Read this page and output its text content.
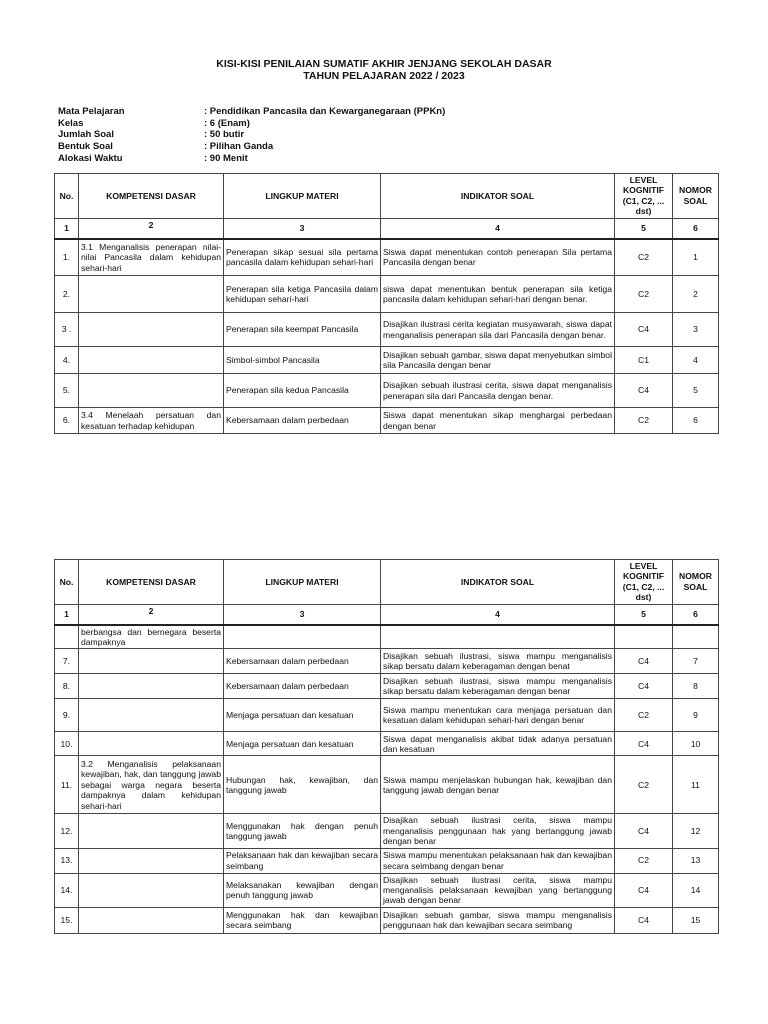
KISI-KISI PENILAIAN SUMATIF AKHIR JENJANG SEKOLAH DASAR
TAHUN PELAJARAN 2022 / 2023
Mata Pelajaran	: Pendidikan Pancasila dan Kewarganegaraan (PPKn)
Kelas	: 6 (Enam)
Jumlah Soal	: 50 butir
Bentuk Soal	: Pilihan Ganda
Alokasi Waktu	: 90 Menit
No.	KOMPETENSI DASAR	LINGKUP MATERI	INDIKATOR SOAL	LEVEL KOGNITIF (C1, C2, ... dst)	NOMOR SOAL
1	2	3	4	5	6
1.	3.1 Menganalisis penerapan nilai-nilai Pancasila dalam kehidupan sehari-hari	Penerapan sikap sesuai sila pertama pancasila dalam kehidupan sehari-hari	Siswa dapat menentukan contoh penerapan Sila pertama Pancasila dengan benar	C2	1
2.		Penerapan sila ketiga Pancasila dalam kehidupan sehari-hari	siswa dapat menentukan bentuk penerapan sila ketiga pancasila dalam kehidupan sehari-hari dengan benar.	C2	2
3 .		Penerapan sila keempat Pancasila	Disajikan ilustrasi cerita kegiatan musyawarah, siswa dapat menganalisis penerapan sila dari Pancasila dengan benar.	C4	3
4.		Simbol-simbol Pancasila	Disajikan sebuah gambar, siswa dapat menyebutkan simbol sila Pancasila dengan benar	C1	4
5.		Penerapan sila kedua Pancasila	Disajikan sebuah ilustrasi cerita, siswa dapat menganalisis penerapan sila dari Pancasila dengan benar.	C4	5
6.	3.4 Menelaah persatuan dan kesatuan terhadap kehidupan	Kebersamaan dalam perbedaan	Siswa dapat menentukan sikap menghargai perbedaan dengan benar	C2	6
No.	KOMPETENSI DASAR	LINGKUP MATERI	INDIKATOR SOAL	LEVEL KOGNITIF (C1, C2, ... dst)	NOMOR SOAL
1	2	3	4	5	6
	berbangsa dan bernegara beserta dampaknya				
7.		Kebersamaan dalam perbedaan	Disajikan sebuah ilustrasi, siswa mampu menganalisis sikap bersatu dalam keberagaman dengan benat	C4	7
8.		Kebersamaan dalam perbedaan	Disajikan sebuah ilustrasi, siswa mampu menganalisis sikap bersatu dalam keberagaman dengan benar	C4	8
9.		Menjaga persatuan dan kesatuan	Siswa mampu menentukan cara menjaga persatuan dan kesatuan dalam kehidupan sehari-hari dengan benar	C2	9
10.		Menjaga persatuan dan kesatuan	Siswa dapat menganalisis akibat tidak adanya persatuan dan kesatuan	C4	10
11.	3.2 Menganalisis pelaksanaan kewajiban, hak, dan tanggung jawab sebagai warga negara beserta dampaknya dalam kehidupan sehari-hari	Hubungan hak, kewajiban, dan tanggung jawab	Siswa mampu menjelaskan hubungan hak, kewajiban dan tanggung jawab dengan benar	C2	11
12.		Menggunakan hak dengan penuh tanggung jawab	Disajikan sebuah ilustrasi cerita, siswa mampu menganalisis penggunaan hak yang bertanggung jawab dengan benar	C4	12
13.		Pelaksanaan hak dan kewajiban secara seimbang	Siswa mampu menentukan pelaksanaan hak dan kewajiban secara seimbang dengan benar	C2	13
14.		Melaksanakan kewajiban dengan penuh tanggung jawab	Disajikan sebuah ilustrasi cerita, siswa mampu menganalisis pelaksanaan kewajiban yang bertanggung jawab dengan benar	C4	14
15.		Menggunakan hak dan kewajiban secara seimbang	Disajikan sebuah gambar, siswa mampu menganalisis penggunaan hak dan kewajiban secara seimbang	C4	15
